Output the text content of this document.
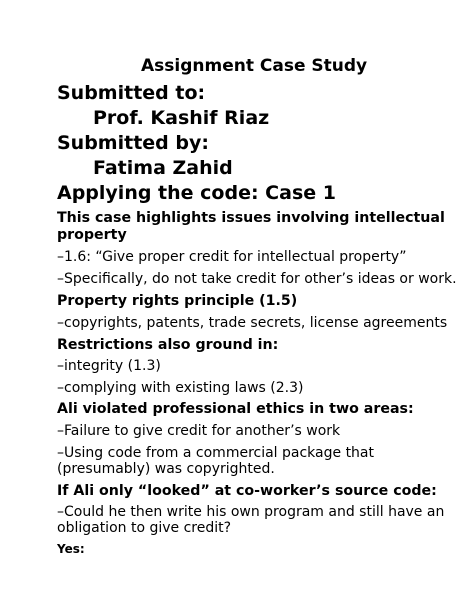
Assignment Case Study
Submitted to:
Prof. Kashif Riaz
Submitted by:
Fatima Zahid
Applying the code: Case 1
This case highlights issues involving intellectual
property
–1.6: “Give proper credit for intellectual property”
–Specifically, do not take credit for other’s ideas or work.
Property rights principle (1.5)
–copyrights, patents, trade secrets, license agreements
Restrictions also ground in:
–integrity (1.3)
–complying with existing laws (2.3)
Ali violated professional ethics in two areas:
–Failure to give credit for another’s work
–Using code from a commercial package that
(presumably) was copyrighted.
If Ali only “looked” at co-worker’s source code:
–Could he then write his own program and still have an
obligation to give credit?
Yes:
